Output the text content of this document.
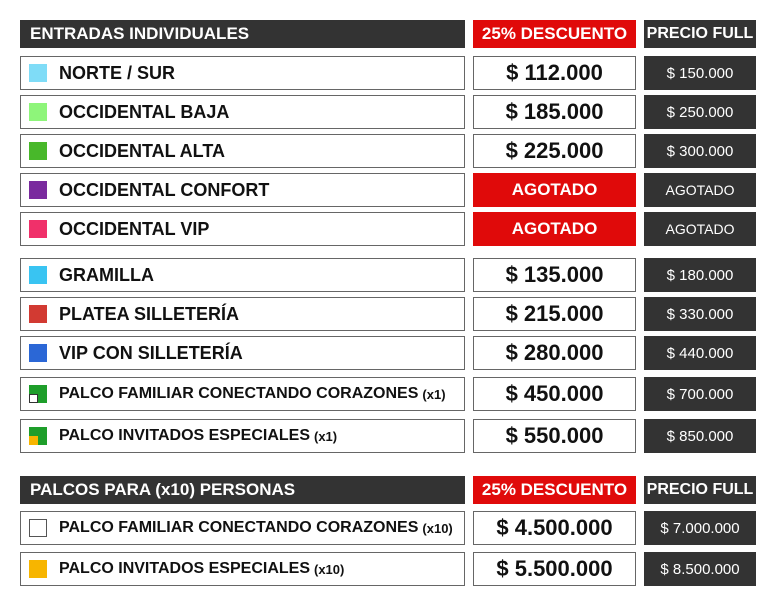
ENTRADAS INDIVIDUALES	25% DESCUENTO	PRECIO FULL
NORTE / SUR	$ 112.000	$ 150.000
OCCIDENTAL BAJA	$ 185.000	$ 250.000
OCCIDENTAL ALTA	$ 225.000	$ 300.000
OCCIDENTAL CONFORT	AGOTADO	AGOTADO
OCCIDENTAL VIP	AGOTADO	AGOTADO
GRAMILLA	$ 135.000	$ 180.000
PLATEA SILLETERÍA	$ 215.000	$ 330.000
VIP CON SILLETERÍA	$ 280.000	$ 440.000
PALCO FAMILIAR CONECTANDO CORAZONES (x1)	$ 450.000	$ 700.000
PALCO INVITADOS ESPECIALES (x1)	$ 550.000	$ 850.000
PALCOS PARA (x10) PERSONAS	25% DESCUENTO	PRECIO FULL
PALCO FAMILIAR CONECTANDO CORAZONES (x10)	$ 4.500.000	$ 7.000.000
PALCO INVITADOS ESPECIALES (x10)	$ 5.500.000	$ 8.500.000
